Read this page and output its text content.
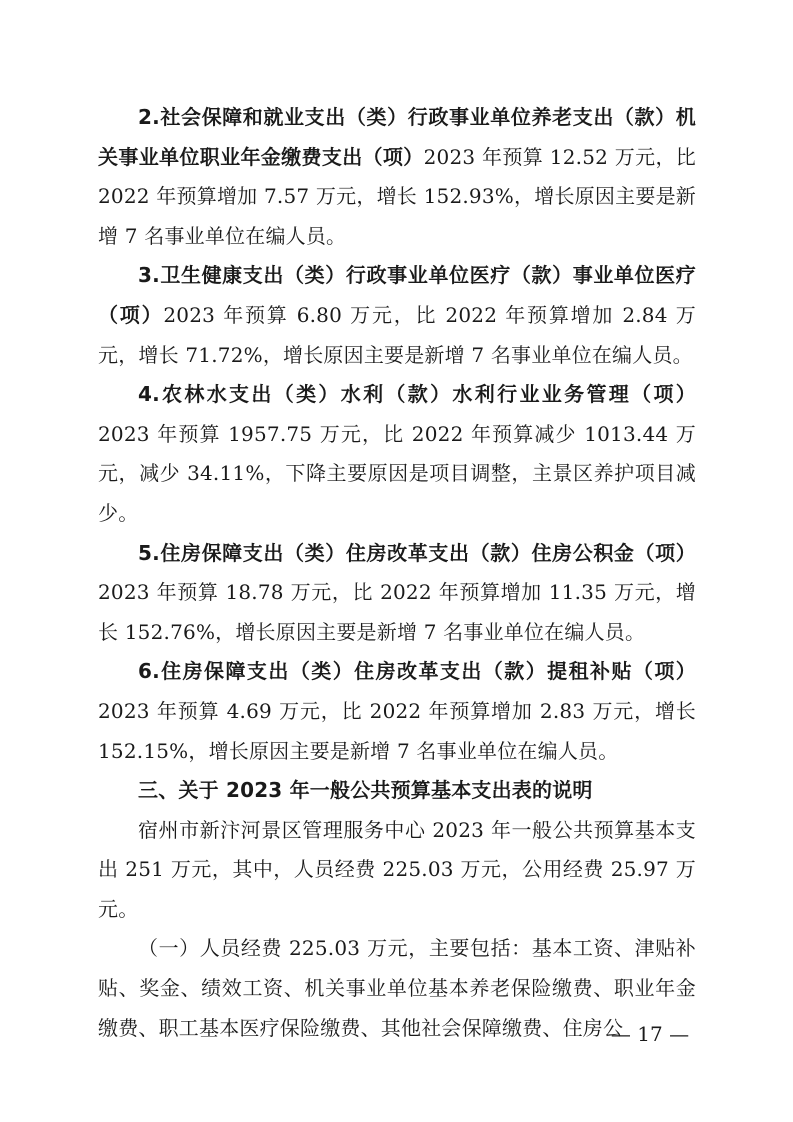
2.社会保障和就业支出（类）行政事业单位养老支出（款）机关事业单位职业年金缴费支出（项）2023 年预算 12.52 万元，比 2022 年预算增加 7.57 万元，增长 152.93%，增长原因主要是新增 7 名事业单位在编人员。

3.卫生健康支出（类）行政事业单位医疗（款）事业单位医疗（项）2023 年预算 6.80 万元，比 2022 年预算增加 2.84 万元，增长 71.72%，增长原因主要是新增 7 名事业单位在编人员。

4.农林水支出（类）水利（款）水利行业业务管理（项）2023 年预算 1957.75 万元，比 2022 年预算减少 1013.44 万元，减少 34.11%，下降主要原因是项目调整，主景区养护项目减少。

5.住房保障支出（类）住房改革支出（款）住房公积金（项）2023 年预算 18.78 万元，比 2022 年预算增加 11.35 万元，增长 152.76%，增长原因主要是新增 7 名事业单位在编人员。

6.住房保障支出（类）住房改革支出（款）提租补贴（项）2023 年预算 4.69 万元，比 2022 年预算增加 2.83 万元，增长 152.15%，增长原因主要是新增 7 名事业单位在编人员。

三、关于 2023 年一般公共预算基本支出表的说明

宿州市新汴河景区管理服务中心 2023 年一般公共预算基本支出 251 万元，其中，人员经费 225.03 万元，公用经费 25.97 万元。

（一）人员经费 225.03 万元，主要包括：基本工资、津贴补贴、奖金、绩效工资、机关事业单位基本养老保险缴费、职业年金缴费、职工基本医疗保险缴费、其他社会保障缴费、住房公

— 17 —
